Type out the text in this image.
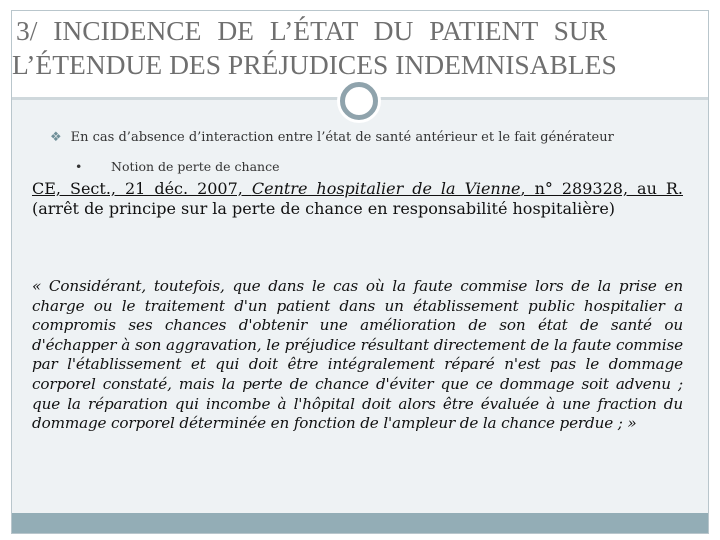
3/ INCIDENCE DE L’ÉTAT DU PATIENT SUR
L’ÉTENDUE DES PRÉJUDICES INDEMNISABLES
❖ En cas d’absence d’interaction entre l’état de santé antérieur et le fait générateur
• Notion de perte de chance
CE, Sect., 21 déc. 2007, Centre hospitalier de la Vienne, n° 289328, au R. (arrêt de principe sur la perte de chance en responsabilité hospitalière)
« Considérant, toutefois, que dans le cas où la faute commise lors de la prise en charge ou le traitement d'un patient dans un établissement public hospitalier a compromis ses chances d'obtenir une amélioration de son état de santé ou d'échapper à son aggravation, le préjudice résultant directement de la faute commise par l'établissement et qui doit être intégralement réparé n'est pas le dommage corporel constaté, mais la perte de chance d'éviter que ce dommage soit advenu ; que la réparation qui incombe à l'hôpital doit alors être évaluée à une fraction du dommage corporel déterminée en fonction de l'ampleur de la chance perdue ; »
